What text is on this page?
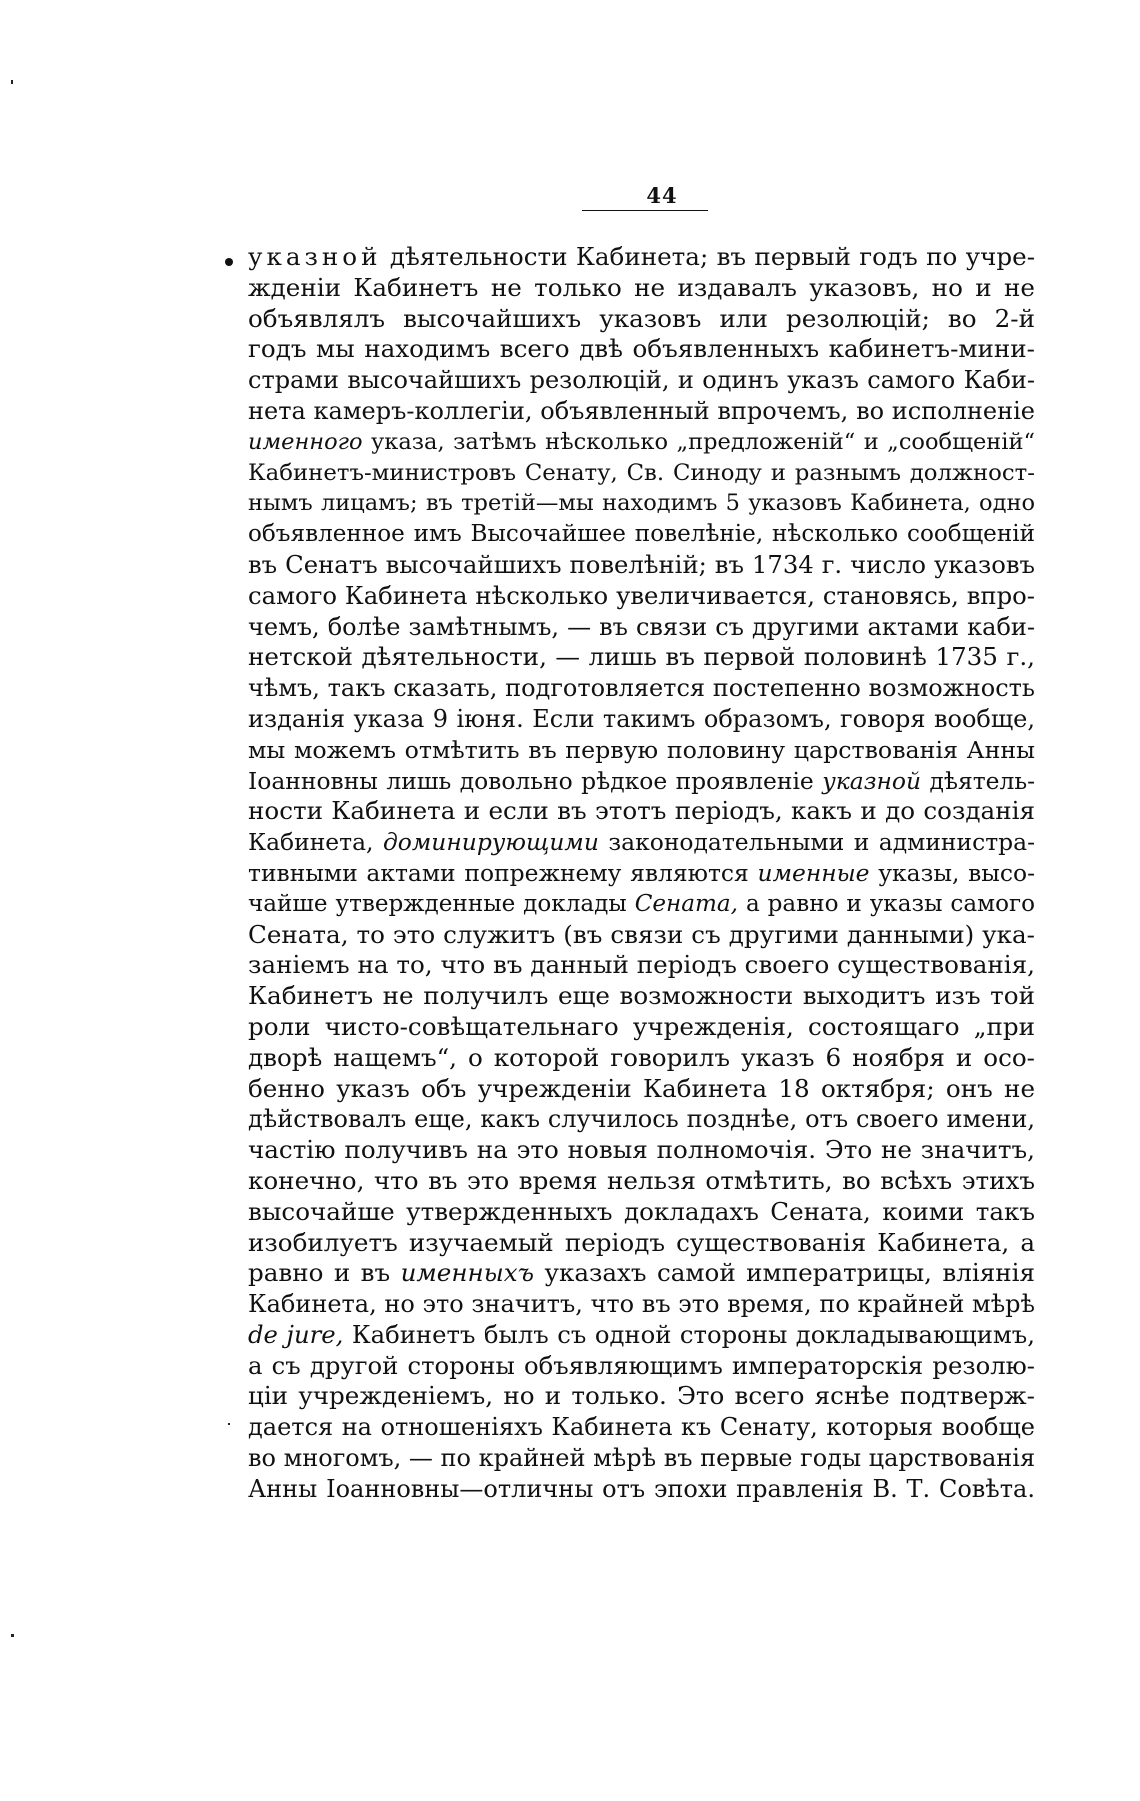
44
указной дѣятельности Кабинета; въ первый годъ по учре-
жденіи Кабинетъ не только не издавалъ указовъ, но и не
объявлялъ высочайшихъ указовъ или резолюцій; во 2-й
годъ мы находимъ всего двѣ объявленныхъ кабинетъ-мини-
страми высочайшихъ резолюцій, и одинъ указъ самого Каби-
нета камеръ-коллегіи, объявленный впрочемъ, во исполненіе
именного указа, затѣмъ нѣсколько „предложеній“ и „сообщеній“
Кабинетъ-министровъ Сенату, Св. Синоду и разнымъ должност-
нымъ лицамъ; въ третій—мы находимъ 5 указовъ Кабинета, одно
объявленное имъ Высочайшее повелѣніе, нѣсколько сообщеній
въ Сенатъ высочайшихъ повелѣній; въ 1734 г. число указовъ
самого Кабинета нѣсколько увеличивается, становясь, впро-
чемъ, болѣе замѣтнымъ, — въ связи съ другими актами каби-
нетской дѣятельности, — лишь въ первой половинѣ 1735 г.,
чѣмъ, такъ сказать, подготовляется постепенно возможность
изданія указа 9 іюня. Если такимъ образомъ, говоря вообще,
мы можемъ отмѣтить въ первую половину царствованія Анны
Іоанновны лишь довольно рѣдкое проявленіе указной дѣятель-
ности Кабинета и если въ этотъ періодъ, какъ и до созданія
Кабинета, доминирующими законодательными и администра-
тивными актами попрежнему являются именные указы, высо-
чайше утвержденные доклады Сената, а равно и указы самого
Сената, то это служитъ (въ связи съ другими данными) ука-
заніемъ на то, что въ данный періодъ своего существованія,
Кабинетъ не получилъ еще возможности выходитъ изъ той
роли чисто-совѣщательнаго учрежденія, состоящаго „при
дворѣ нащемъ“, о которой говорилъ указъ 6 ноября и осо-
бенно указъ объ учрежденіи Кабинета 18 октября; онъ не
дѣйствовалъ еще, какъ случилось позднѣе, отъ своего имени,
частію получивъ на это новыя полномочія. Это не значитъ,
конечно, что въ это время нельзя отмѣтить, во всѣхъ этихъ
высочайше утвержденныхъ докладахъ Сената, коими такъ
изобилуетъ изучаемый періодъ существованія Кабинета, а
равно и въ именныхъ указахъ самой императрицы, вліянія
Кабинета, но это значитъ, что въ это время, по крайней мѣрѣ
de jure, Кабинетъ былъ съ одной стороны докладывающимъ,
а съ другой стороны объявляющимъ императорскія резолю-
ціи учрежденіемъ, но и только. Это всего яснѣе подтверж-
дается на отношеніяхъ Кабинета къ Сенату, которыя вообще
во многомъ, — по крайней мѣрѣ въ первые годы царствованія
Анны Іоанновны—отличны отъ эпохи правленія В. Т. Совѣта.
